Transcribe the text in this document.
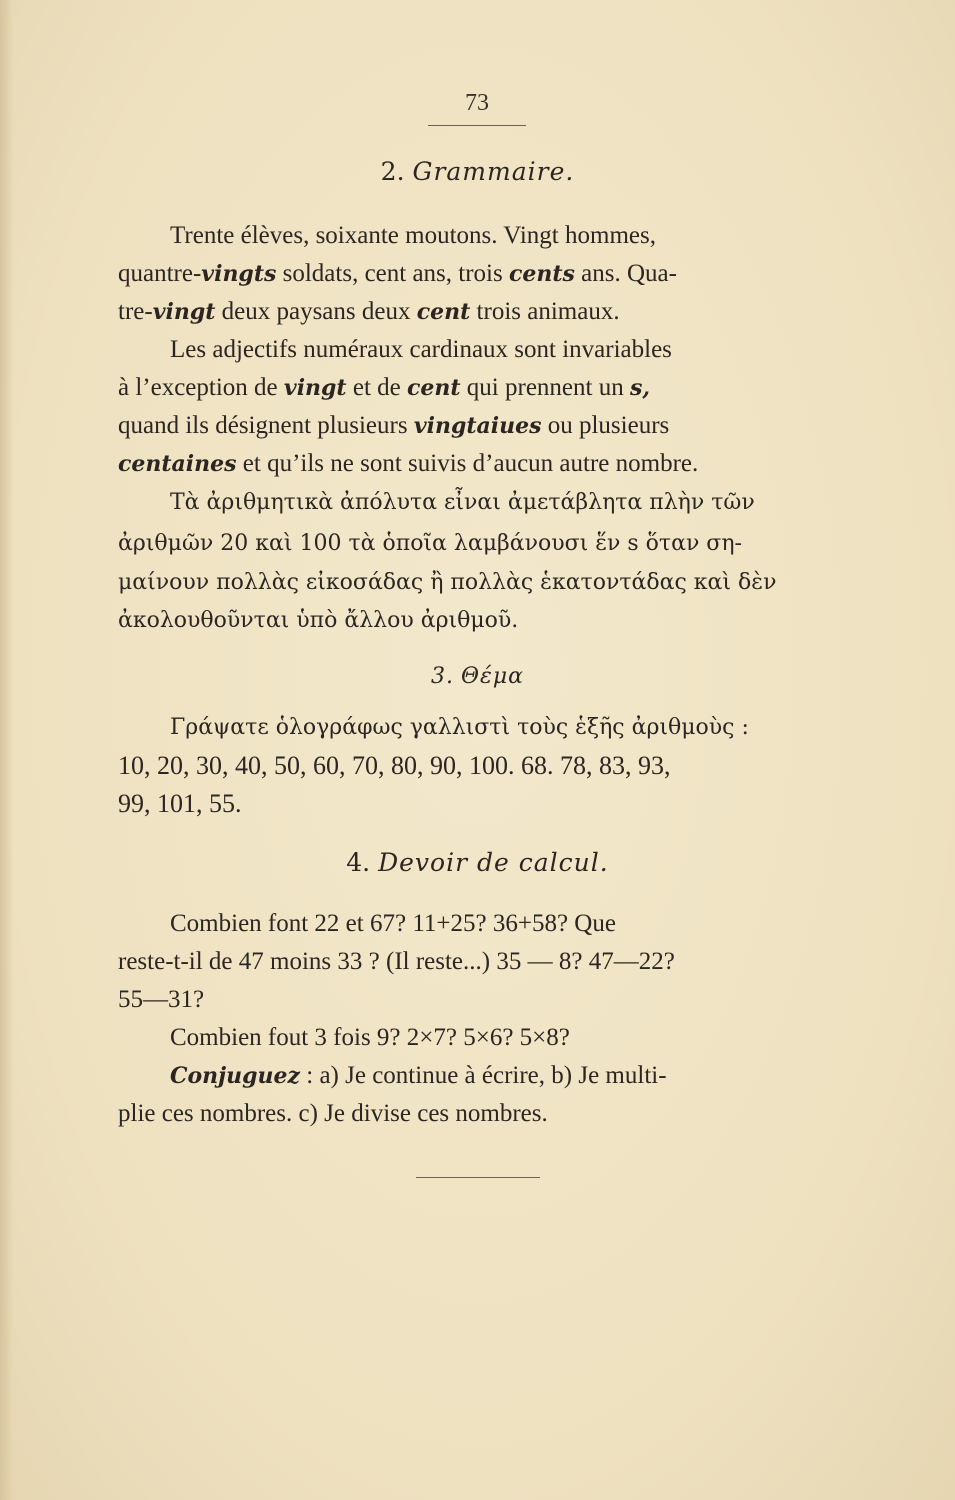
73
2. Grammaire.
Trente élèves, soixante moutons. Vingt hommes,
quantre- vingts soldats, cent ans, trois cents ans. Qua-
tre- vingt deux paysans deux cent trois animaux.
Les adjectifs numéraux cardinaux sont invariables
à l’exception de vingt et de cent qui prennent un s,
quand ils désignent plusieurs vingtaiues ou plusieurs
centaines et qu’ils ne sont suivis d’aucun autre nombre.
Τὰ ἀριθμητικὰ ἀπόλυτα εἶναι ἀμετάβλητα πλὴν τῶν
ἀριθμῶν 20 καὶ 100 τὰ ὁποῖα λαμβάνουσι ἕν s ὅταν ση-
μαίνουν πολλὰς εἰκοσάδας ἢ πολλὰς ἑκατοντάδας καὶ δὲν
ἀκολουθοῦνται ὑπὸ ἄλλου ἀριθμοῦ.
3. Θέμα
Γράψατε ὁλογράφως γαλλιστὶ τοὺς ἑξῆς ἀριθμοὺς :
10, 20, 30, 40, 50, 60, 70, 80, 90, 100. 68. 78, 83, 93,
99, 101, 55.
4. Devoir de calcul.
Combien font 22 et 67? 11+25? 36+58? Que
reste-t-il de 47 moins 33 ? (Il reste...) 35 — 8? 47—22?
55—31?
Combien fout 3 fois 9? 2×7? 5×6? 5×8?
Conjuguez : a) Je continue à écrire, b) Je multi-
plie ces nombres. c) Je divise ces nombres.
